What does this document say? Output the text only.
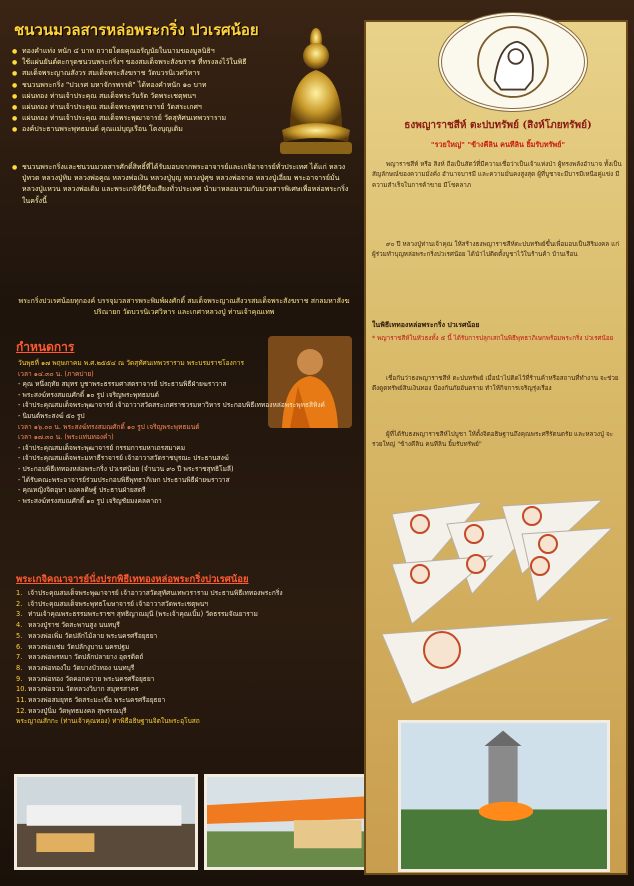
ชนวนมวลสารหล่อพระกริ่ง ปวเรศน้อย
● ทองคำแท่ง หนัก ๔ บาท ถวายโดยคุณอรัญนัยในนามของมูลนิธิฯ
● ใช้แผ่นยันต์ตะกรุดชนวนพระกริ่งฯ ของสมเด็จพระสังฆราช ที่ทรงลงไว้ในพิธี
● สมเด็จพระญาณสังวร สมเด็จพระสังฆราช วัดบวรนิเวศวิหาร
● ชนวนพระกริ่ง "ปวเรศ มหาจักรพรรดิ" ได้ทองคำหนัก ๑๐ บาท
● แผ่นทอง ท่านเจ้าประคุณ สมเด็จพระวันรัต วัดพระเชตุพนฯ
● แผ่นทอง ท่านเจ้าประคุณ สมเด็จพระพุทธาจารย์ วัดสระเกศฯ
● แผ่นทอง ท่านเจ้าประคุณ สมเด็จพระพุฒาจารย์ วัดสุทัศนเทพวราราม
● องค์ประธานพระพุทธมนต์ คุณแม่บุญเรือน โตงบุญเติม
● ชนวนพระกริ่งและชนวนมวลสารศักดิ์สิทธิ์ที่ได้รับมอบจากพระอาจารย์และเกจิอาจารย์ทั่วประเทศ ได้แก่ หลวงปู่ทวด หลวงปู่ทิม หลวงพ่อคูณ หลวงพ่อเงิน หลวงปู่บุญ หลวงปู่ศุข หลวงพ่อจาด หลวงปู่เอี่ยม พระอาจารย์มั่น หลวงปู่แหวน หลวงพ่อเดิม และพระเกจิที่มีชื่อเสียงทั่วประเทศ นำมาหลอมรวมกับมวลสารพิเศษเพื่อหล่อพระกริ่งในครั้งนี้
พระกริ่งปวเรศน้อยทุกองค์ บรรจุมวลสารพระพิมพ์ผงศักดิ์ สมเด็จพระญาณสังวรสมเด็จพระสังฆราช สกลมหาสังฆปริณายก วัดบวรนิเวศวิหาร และเกศาหลวงปู่ ท่านเจ้าคุณเทพ
กำหนดการ
วันพุธที่ ๑๗ พฤษภาคม พ.ศ.๒๕๕๔ ณ วัดสุทัศนเทพวราราม พระบรมราชโองการ
เวลา ๑๔.๓๐ น. (ภาคบ่าย)
- คุณ หนึ่งฤทัย สมุทร บูชาพระธรรมศาสตราจารย์ ประธานพิธีฝ่ายฆราวาส
- พระสงฆ์ทรงสมณศักดิ์ ๑๐ รูป เจริญพระพุทธมนต์
- เจ้าประคุณสมเด็จพระพุฒาจารย์ เจ้าอาวาสวัดสระเกศราชวรมหาวิหาร ประกอบพิธีเททองหล่อพระพุทธสิหิงค์
- นิมนต์พระสงฆ์ ๕๐ รูป
เวลา ๑๖.๐๐ น. พระสงฆ์ทรงสมณศักดิ์ ๑๐ รูป เจริญพระพุทธมนต์
เวลา ๑๗.๓๐ น. (พระแท่นทองคำ)
- เจ้าประคุณสมเด็จพระพุฒาจารย์ กรรมการมหาเถรสมาคม
- เจ้าประคุณสมเด็จพระมหาธีราจารย์ เจ้าอาวาสวัดราชบุรณะ ประธานสงฆ์
- ประกอบพิธีเททองหล่อพระกริ่ง ปวเรศน้อย (จำนวน ๙๐ ปี พระราชสุทธิโมลี)
- ได้รับคณะพระอาจารย์ร่วมประกอบพิธีพุทธาภิเษก ประธานพิธีฝ่ายฆราวาส
- คุณหญิงจิตอุษา มงคลดิษฐ์ ประธานฝ่ายสตรี
- พระสงฆ์ทรงสมณศักดิ์ ๑๐ รูป เจริญชัยมงคลคาถา
พระเกจิคณาจารย์นั่งปรกพิธีเททองหล่อพระกริ่งปวเรศน้อย
1. เจ้าประคุณสมเด็จพระพุฒาจารย์ เจ้าอาวาสวัดสุทัศนเทพวราราม ประธานพิธีเททองพระกริ่ง
2. เจ้าประคุณสมเด็จพระพุทธโฆษาจารย์ เจ้าอาวาสวัดพระเชตุพนฯ
3. ท่านเจ้าคุณพระธรรมพระราชฯ สุทธิญาณมุนี (พระเจ้าคุณเบิ้ม) วัดธรรมจัณยาราม
4. หลวงปู่ราช วัดสะพานสูง นนทบุรี
5. หลวงพ่อเพิ่ม วัดปลักไม้ลาย พระนครศรีอยุธยา
6. หลวงพ่อแช่ม วัดปลักงูบาน นครปฐม
7. หลวงพ่อพรหมา วัดปลักปลายาง อุตรดิตถ์
8. หลวงพ่อทองใบ วัดบางบัวทอง นนทบุรี
9. หลวงพ่อทอง วัดคอกควาย พระนครศรีอยุธยา
10. หลวงพ่อจวน วัดหลวงวิบาก สมุทรสาคร
11. หลวงพ่อสมยุทธ วัดสระมะเขือ พระนครศรีอยุธยา
12. หลวงปู่นิ่ม วัดพุทธมงคล สุพรรณบุรี
พระญาณสักกะ (ท่านเจ้าคุณทอง) ท่าพิธีอธิษฐานจิตในพระอุโบสถ
ธงพญาราชสีห์ ตะปบทรัพย์ (สิงห์โภยทรัพย์)
"รวยใหญ่" "ข้างคีลิน คนทีลิน ยิ้มรับทรัพย์"
พญาราชสีห์ หรือ สิงห์ ถือเป็นสัตว์ที่มีความเชื่อว่าเป็นเจ้าแห่งป่า ผู้ทรงพลังอำนาจ ทั้งเป็นสัญลักษณ์ของความมั่งคั่ง อำนาจบารมี และความมั่นคงสูงสุด ผู้ที่บูชาจะมีบารมีเหนือคู่แข่ง มีความสำเร็จในการค้าขาย มีโชคลาภ
๙๐ ปี หลวงปู่ท่านเจ้าคุณ ให้สร้างธงพญาราชสีห์ตะปบทรัพย์ขึ้นเพื่อมอบเป็นสิริมงคล แก่ผู้ร่วมทำบุญหล่อพระกริ่งปวเรศน้อย ได้นำไปติดตั้งบูชาไว้ในร้านค้า บ้านเรือน
ในพิธีเททองหล่อพระกริ่ง ปวเรศน้อย
* พญาราชสีห์ในหัวธงทั้ง ๕ นี้ ได้รับการปลุกเสกในพิธีพุทธาภิเษกพร้อมพระกริ่ง ปวเรศน้อย
เชื่อกันว่าธงพญาราชสีห์ ตะปบทรัพย์ เมื่อนำไปติดไว้ที่ร้านค้าหรือสถานที่ทำงาน จะช่วยดึงดูดทรัพย์สินเงินทอง ป้องกันภัยอันตราย ทำให้กิจการเจริญรุ่งเรือง
ผู้ที่ได้รับธงพญาราชสีห์ไปบูชา ให้ตั้งจิตอธิษฐานถึงคุณพระศรีรัตนตรัย และหลวงปู่ จะรวยใหญ่ "ข้างคีลิน คนทีลิน ยิ้มรับทรัพย์"
